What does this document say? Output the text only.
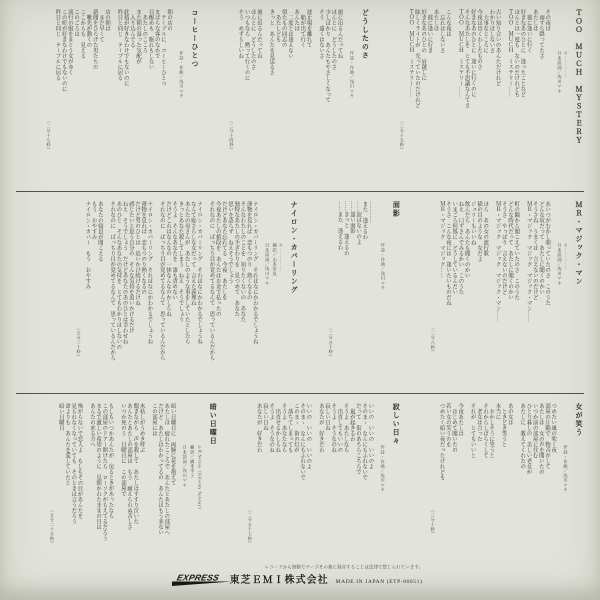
ＴＯＯ　ＭＵＣＨ　ＭＹＳＴＥＲＹ
©············
日本語詞／浅川マキ

その夜は

　雨すら降ってたさ

あたしは

　彼に逢いに行く

好きなあのひとに　逢ったことなど

ほんとは一度も　ないのだけれども

ＴＯＯ　ＭＵＣＨ　ミステリー……

古い知り合いのあんただけれど

わかりはしないさ

　大事なところに

今夜は出くわしたものさ

好きなあのひとに　逢いに行くのに

そんなあたしを　とても不思議なんてさ

ＴＯＯ　ＭＵＣＨ　ミステリー……

こんな夜は

　忘れはしないさ

あたしは

　彼に逢いに行き

好きなあのひとの　肩越しに

眩しくライトが　光っていたのだけれど

ＴＯＯ　ＭＵＣＨ　ミステリー……

（三分十五秒）
どうしたのさ
作詩・作曲／浅川マキ

旅に出るんだってね

ほんとに　どうしたのさ

少しばかり　あんたもやさしくなって

そう　遠くはないさ

波止場を離れて

　船が出て行く

あんたは

　二度とは逢えない

似たもの同志の

　あたしども

きっと　あんたを見送るさ

旅に出るんだってね

ほんとに　どうしたのさ

いつもなら　黙って行くのに

そう　めずらしいね

（二分十四秒）
コーヒーひとつ
作詩・作曲／浅川マキ

朝の店の

　テーブルに　コーヒーひとつ

まばらな客のなかで

目醒めも　眠れもしない

　あたしのこころ

また朝の湿った気配が

　入り込んでる

此処が好きなわけでもないのに

昨日と同じ　テーブルに居る

店の朝は

　まだ早くて

新聞をひろげた男たちの

　靴先が動くの

ここからも　見える

このごろは

流行の服をまとう女がゆく

この町が好きなわけでもないのに

昨日と同じ　テーブルに居る

（二分十七秒）
ＭＲ・マジック・マン
©············
日本語詞／浅川マキ

あいつがむかし唄っていたのさ　このうた

どんな奴だって　あたしに聞くのかい

そうさね　うまくは　言えないのだけど

ＭＲ・マジック　マジック　マジック・マン……

町の隅から聞こえていたのさ　このうた

どんな時代だって　あたしに聞くのかい

そうさ　やっぱり　言えないのだけど

ＭＲ・マジック　マジック　マジック・マン……

ほら　あの女の流行歌

猫の目のような　女だよ

ジュリーもいいね

飲んだら　あんたも聞くのかい

ねえ　口ずさんでみるかい　このうた

いまごろ何処に　どうしているんだい

そうさ　こんな夜には　逢いたいものだね

ＭＲ・マジック　マジック……

（二分八秒）
面影
作詩・作曲／浅川マキ

…………

また　逢えるわ

……涙はないのよ

……遠い面影

……きっと　逢えるわ

……また　逢えるわ

（二分五十秒）
ナイロン・カバーリング
©············
翻訳／山本安見
日本語詞／浅川マキ

ナイロン・カバーリング　それはなにかわかるでしょうね

薄物を見れば　恋もつのり　熱くなるの

そんなわたしのことを　知りたくないの　あなた

独特なあたしの手ざわりを　見つめて　あなた

思いを語らず　ねえそうでしょう

だけどあなた忘れてる　今夜　あたしを

今夜あたしの値段を　あんたはお金で払ったの

それなのに　ばっちり目が覚めてるなんて　思っているんだから

ナイロン・カバーリング　それはなにかわかるでしょうね

なんて恥さらしな女だって　言えた義理ね

あんたの母さんが　あたしのような事をしていたとしたら

きっとあなた殺してしまう　ねえ　そうでしょう

そうよ　そんなあなたを　誰も責めない

だけどこれはなんなの　一体なんなのかしらね

それなのに　ばっちり目が覚めてるなんて　思っているんだから

ナイロン・カバーリング　それはなにかわかるでしょうね

薄物を見れば　恋もつのり熱くなるの

だけど男のひとは　追いかけ続けるだけね

感じたいと思う自分の　そんな気持を追いかけるだけ

ねえ　そうでしょう　だけどあなたのあのひとは幸わせね

あのひと　そんなあなたの気持を　とてもわかりはしないの

それなのに　ばっちり目が覚めてるなんて　思っているんだから

あなたの寝息が聞こえる

もう　おやすみ

ナイロン・カバー　もう　おやすみ

（五分二十秒）
女が笑う
作詩・作曲／浅川マキ

つめたい風の吹く夜

部屋の片隅で　物音がして

あたしは　女の声を聞いたの

いつか前の部屋に住む

ひとり暮しの　美しい老女が

あたしに　教えてくれたの

あの女は

　ときどき笑うと

本当に

　おかしそうに笑うと

それからしばらくして

　老女は言った

それが　とてもいいと

今夜あたしは

　はじめて聞いたの

若い女の笑うのを

つめたく暗い夜だったけれども

（三分十秒）
寂しい日々
作詩・作曲／浅川マキ

いいの　いいの　いいのよ

そのまゝ　なんにもふれないで

だって　街のあちらこちらで

　嵐が起きるわ

そうよ　あたしなら

　出直してもいいの

そうよ　そうなのね

寂しい日ね

あなたが　好きだわ

いいの　いいの　いいのよ

そのまゝ　なんにもふれないで

このまゝ　街の灯が

　落ちてしまっても

そうよ　あなたなら

　出直せるかしらね

そうよ　そうなのね

寂しい日ね

あなたが　好きだわ

（二分五十七秒）
暗い日曜日
©R.Seress（Gloomy Sunday）
翻訳／橋本幸子
日本語詞／浅川マキ

暗い日曜日に　両腕に花を抱えて

あたしは　疲れたこころで　あんたとあたしの部屋へ

だけど　あたしはわかってるの　あんたはもう来ない

この部屋には

木枯しがうめき呼ぶ

聞きながら　声を殺して　あたしはすすり泣いた

あんたとあたしの部屋は　もう　耐えられぬ苦しさ

いつか死のう　日曜日に　この部屋で

もしもいつかあんたが　戻るときがあったなら

この部屋のドアー開けたら　ローソクがもえてるだろう

まるで激しい希望のように　見開かれたままの目は

あんたの来る方へ

怖がらないで恋人よ　もしもその目があんたを

見られなくなっていても　そのときは言うだろう

命よりも　あんたを愛していたと

暗い日曜日

（五分二十五秒）
EXPRESS
レコードから無断でテープその他に録音することは法律で禁じられています。
東芝ＥＭＩ株式会社 MADE IN JAPAN (ETP-80051)
